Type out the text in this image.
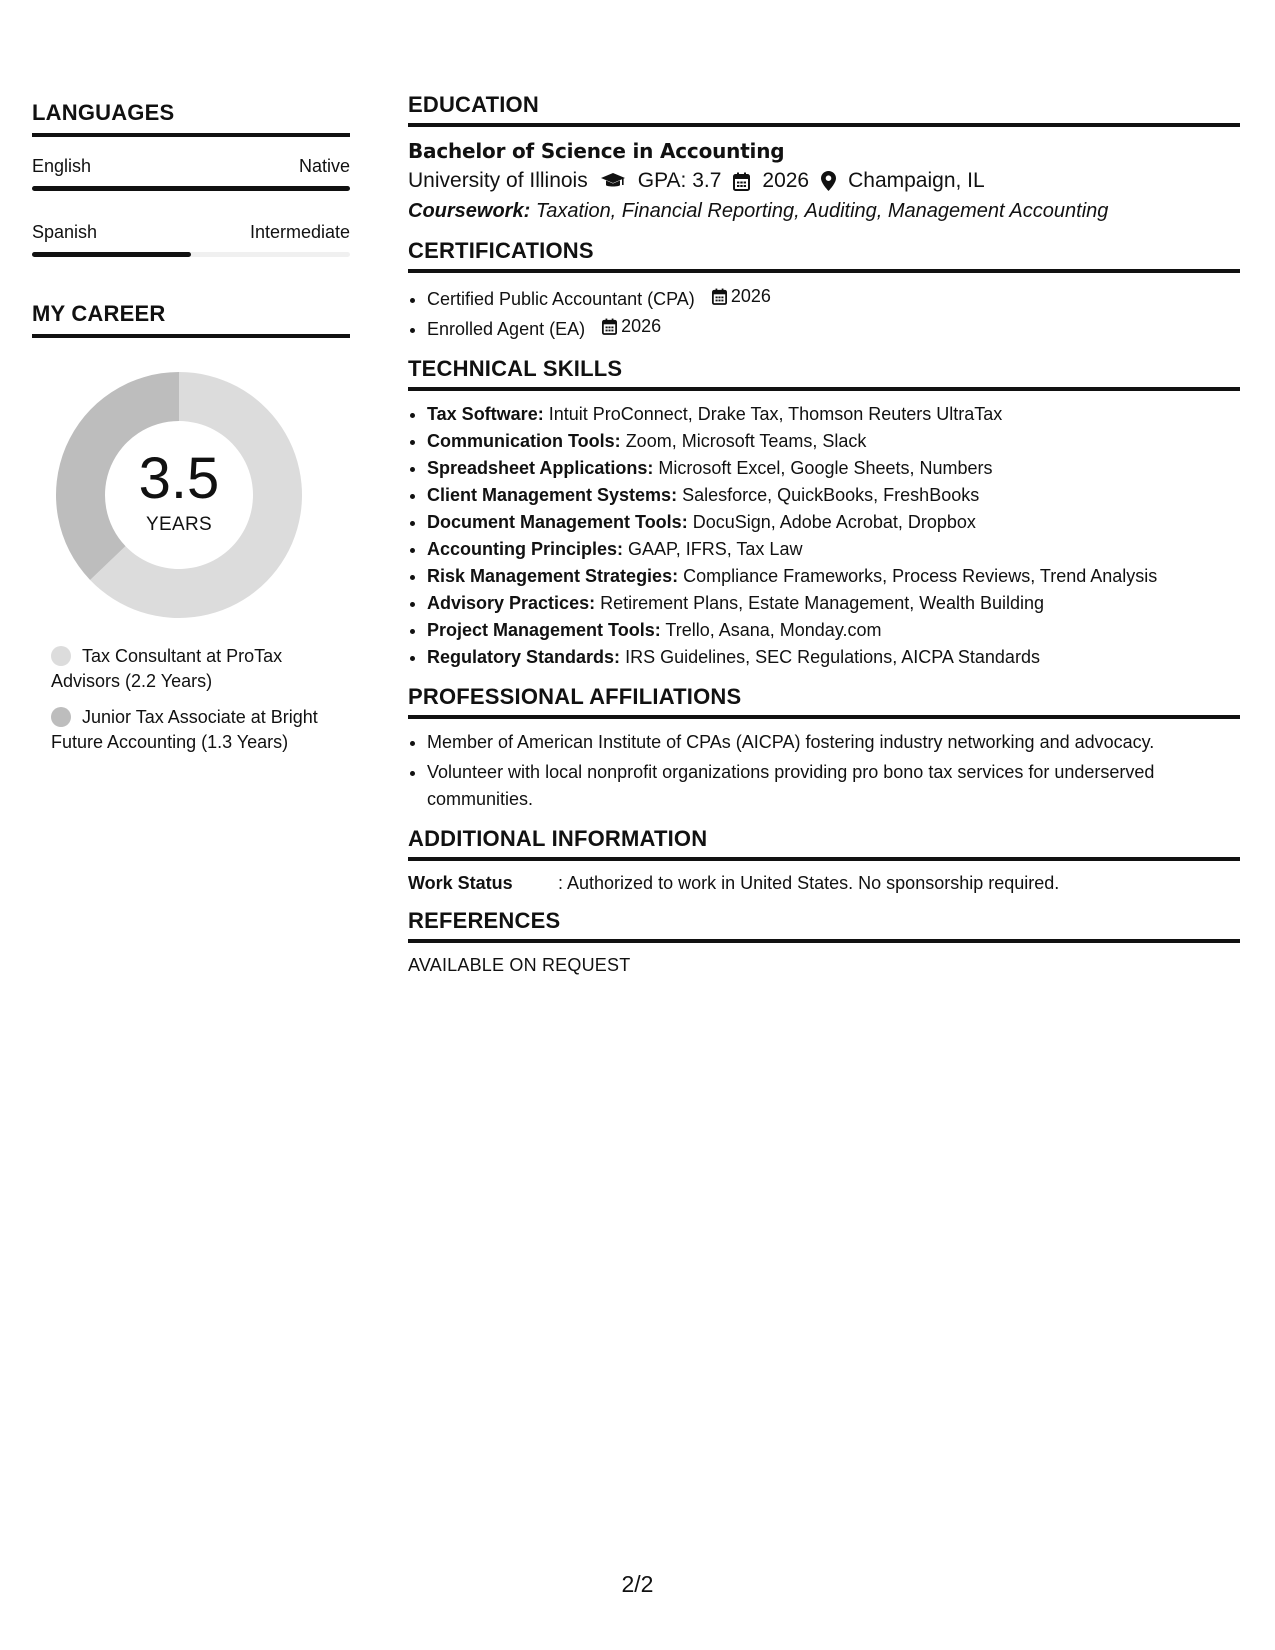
LANGUAGES
English	Native
Spanish	Intermediate
MY CAREER
3.5
YEARS
Tax Consultant at ProTax Advisors (2.2 Years)
Junior Tax Associate at Bright Future Accounting (1.3 Years)
EDUCATION
Bachelor of Science in Accounting
University of Illinois GPA: 3.7 2026 Champaign, IL
Coursework: Taxation, Financial Reporting, Auditing, Management Accounting
CERTIFICATIONS
• Certified Public Accountant (CPA) 2026
• Enrolled Agent (EA) 2026
TECHNICAL SKILLS
• Tax Software: Intuit ProConnect, Drake Tax, Thomson Reuters UltraTax
• Communication Tools: Zoom, Microsoft Teams, Slack
• Spreadsheet Applications: Microsoft Excel, Google Sheets, Numbers
• Client Management Systems: Salesforce, QuickBooks, FreshBooks
• Document Management Tools: DocuSign, Adobe Acrobat, Dropbox
• Accounting Principles: GAAP, IFRS, Tax Law
• Risk Management Strategies: Compliance Frameworks, Process Reviews, Trend Analysis
• Advisory Practices: Retirement Plans, Estate Management, Wealth Building
• Project Management Tools: Trello, Asana, Monday.com
• Regulatory Standards: IRS Guidelines, SEC Regulations, AICPA Standards
PROFESSIONAL AFFILIATIONS
• Member of American Institute of CPAs (AICPA) fostering industry networking and advocacy.
• Volunteer with local nonprofit organizations providing pro bono tax services for underserved communities.
ADDITIONAL INFORMATION
Work Status	: Authorized to work in United States. No sponsorship required.
REFERENCES
AVAILABLE ON REQUEST
2/2
